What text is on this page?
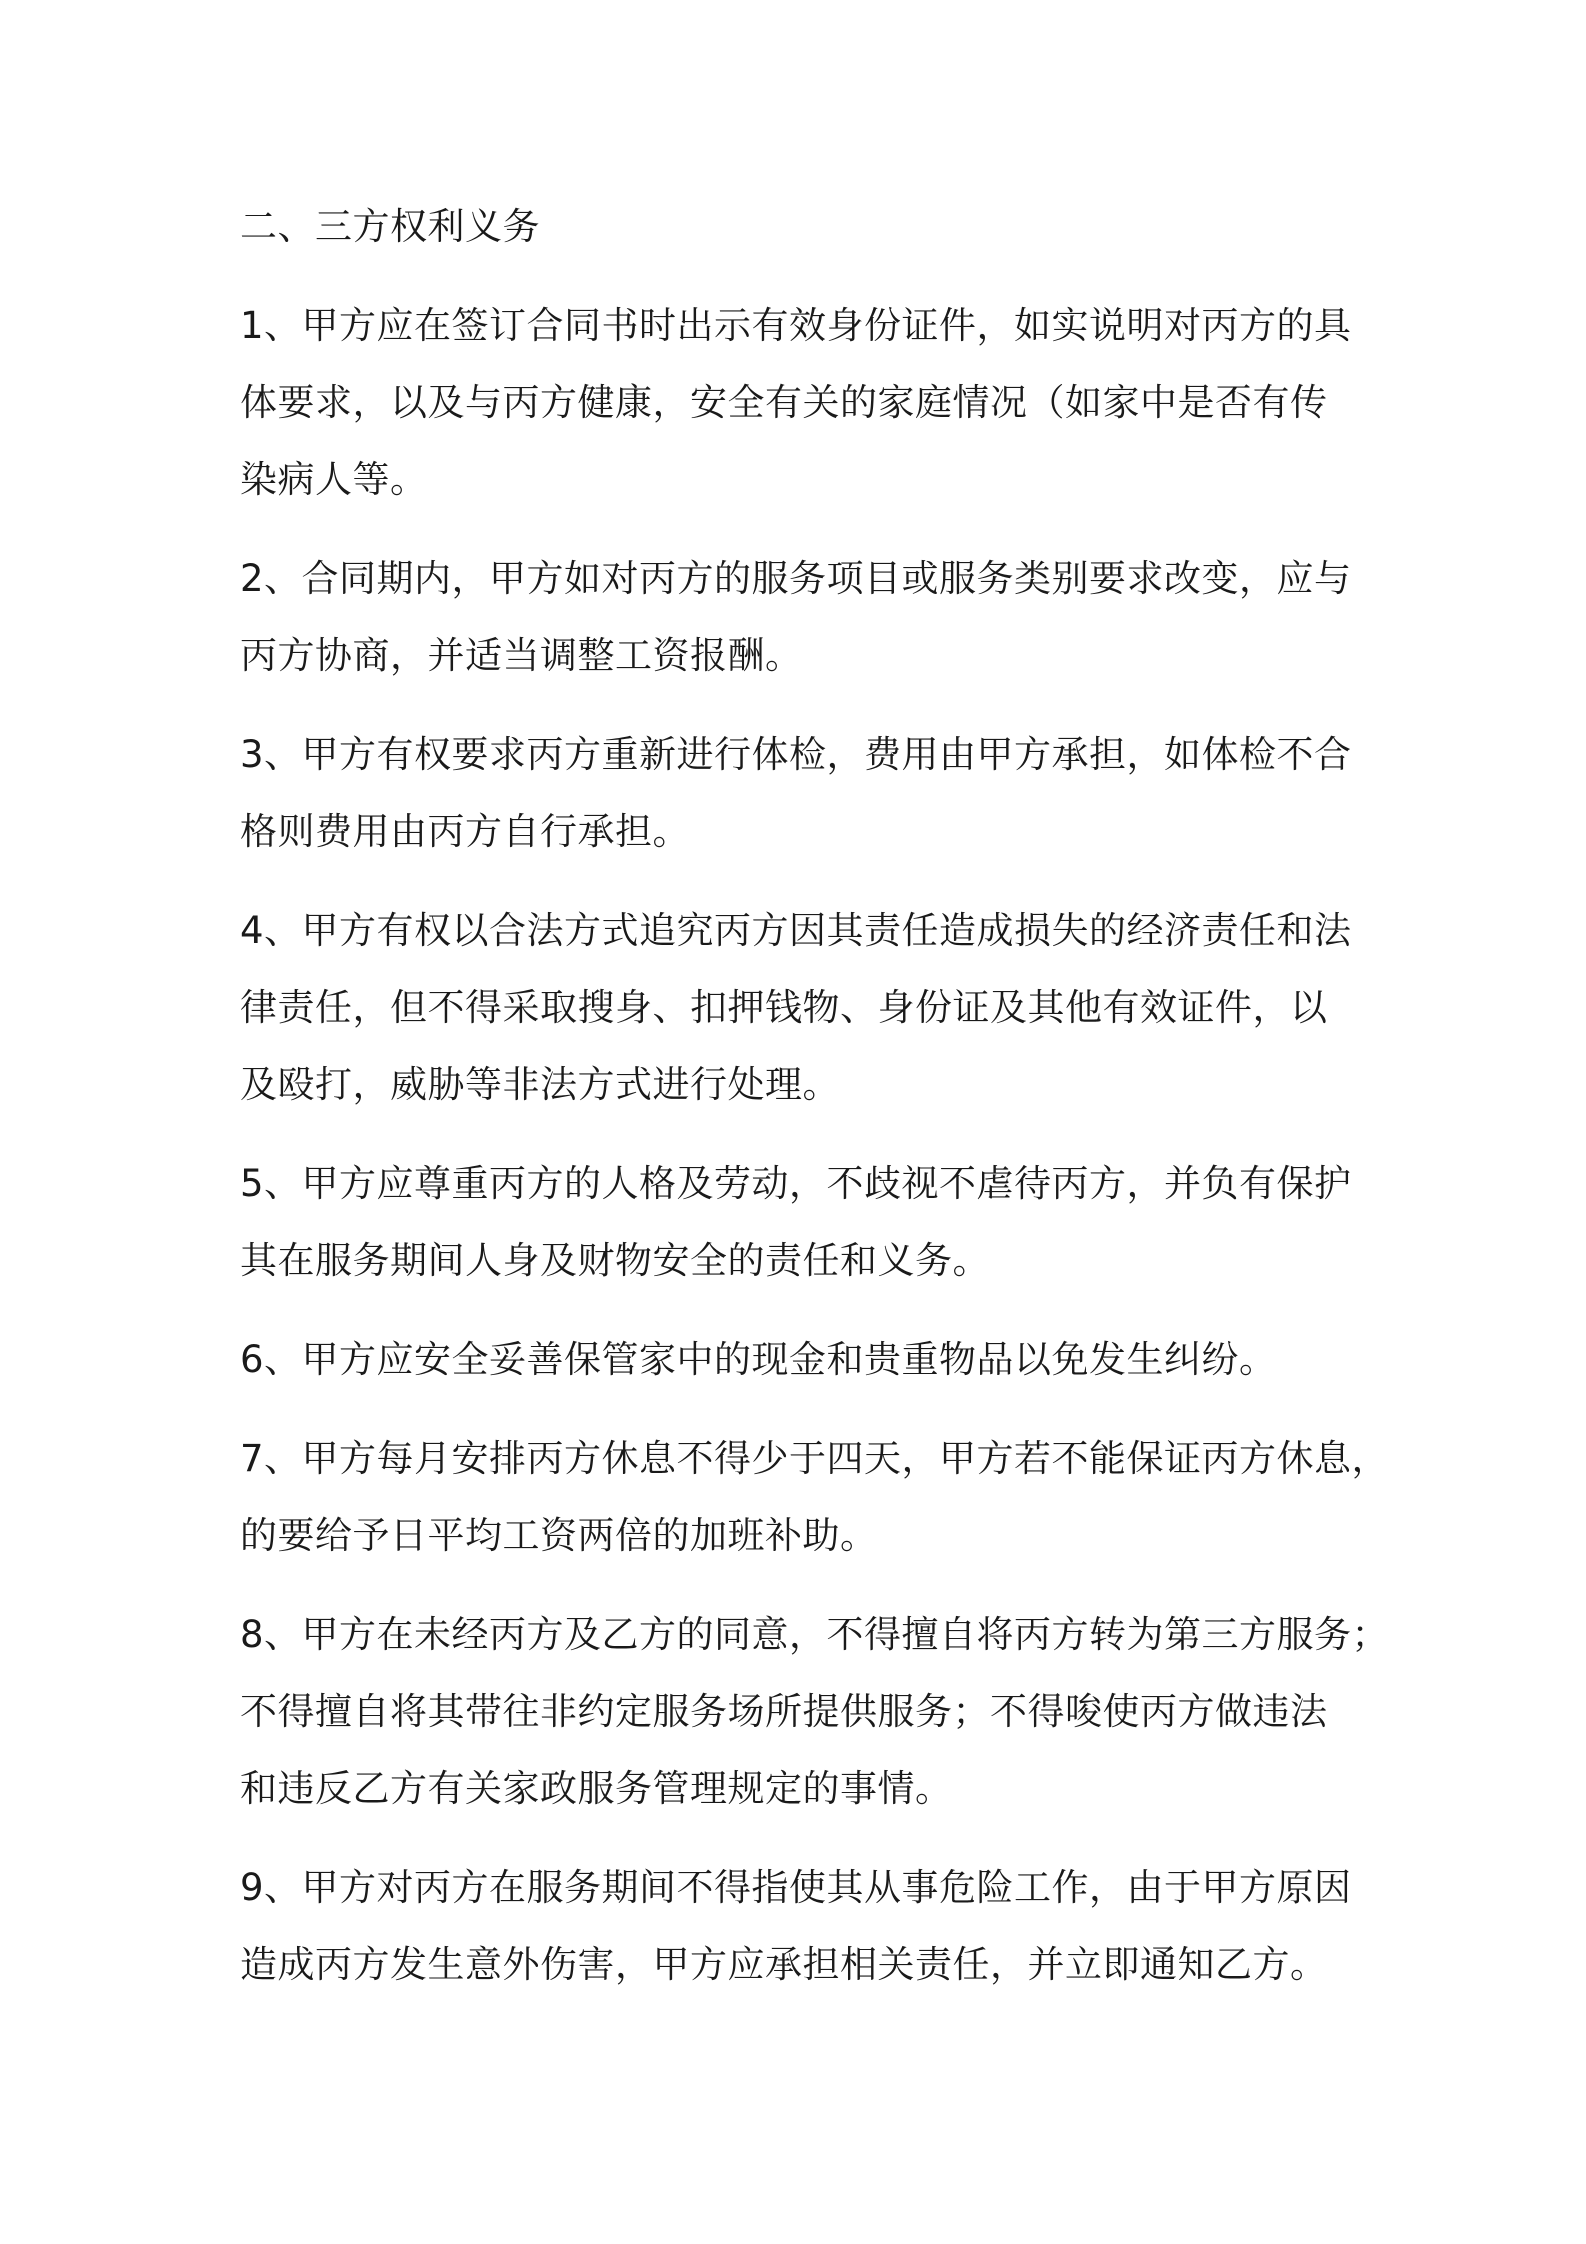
二、三方权利义务
1、甲方应在签订合同书时出示有效身份证件，如实说明对丙方的具
体要求，以及与丙方健康，安全有关的家庭情况（如家中是否有传
染病人等。
2、合同期内，甲方如对丙方的服务项目或服务类别要求改变，应与
丙方协商，并适当调整工资报酬。
3、甲方有权要求丙方重新进行体检，费用由甲方承担，如体检不合
格则费用由丙方自行承担。
4、甲方有权以合法方式追究丙方因其责任造成损失的经济责任和法
律责任，但不得采取搜身、扣押钱物、身份证及其他有效证件，以
及殴打，威胁等非法方式进行处理。
5、甲方应尊重丙方的人格及劳动，不歧视不虐待丙方，并负有保护
其在服务期间人身及财物安全的责任和义务。
6、甲方应安全妥善保管家中的现金和贵重物品以免发生纠纷。
7、甲方每月安排丙方休息不得少于四天，甲方若不能保证丙方休息，
的要给予日平均工资两倍的加班补助。
8、甲方在未经丙方及乙方的同意，不得擅自将丙方转为第三方服务；
不得擅自将其带往非约定服务场所提供服务；不得唆使丙方做违法
和违反乙方有关家政服务管理规定的事情。
9、甲方对丙方在服务期间不得指使其从事危险工作，由于甲方原因
造成丙方发生意外伤害，甲方应承担相关责任，并立即通知乙方。
